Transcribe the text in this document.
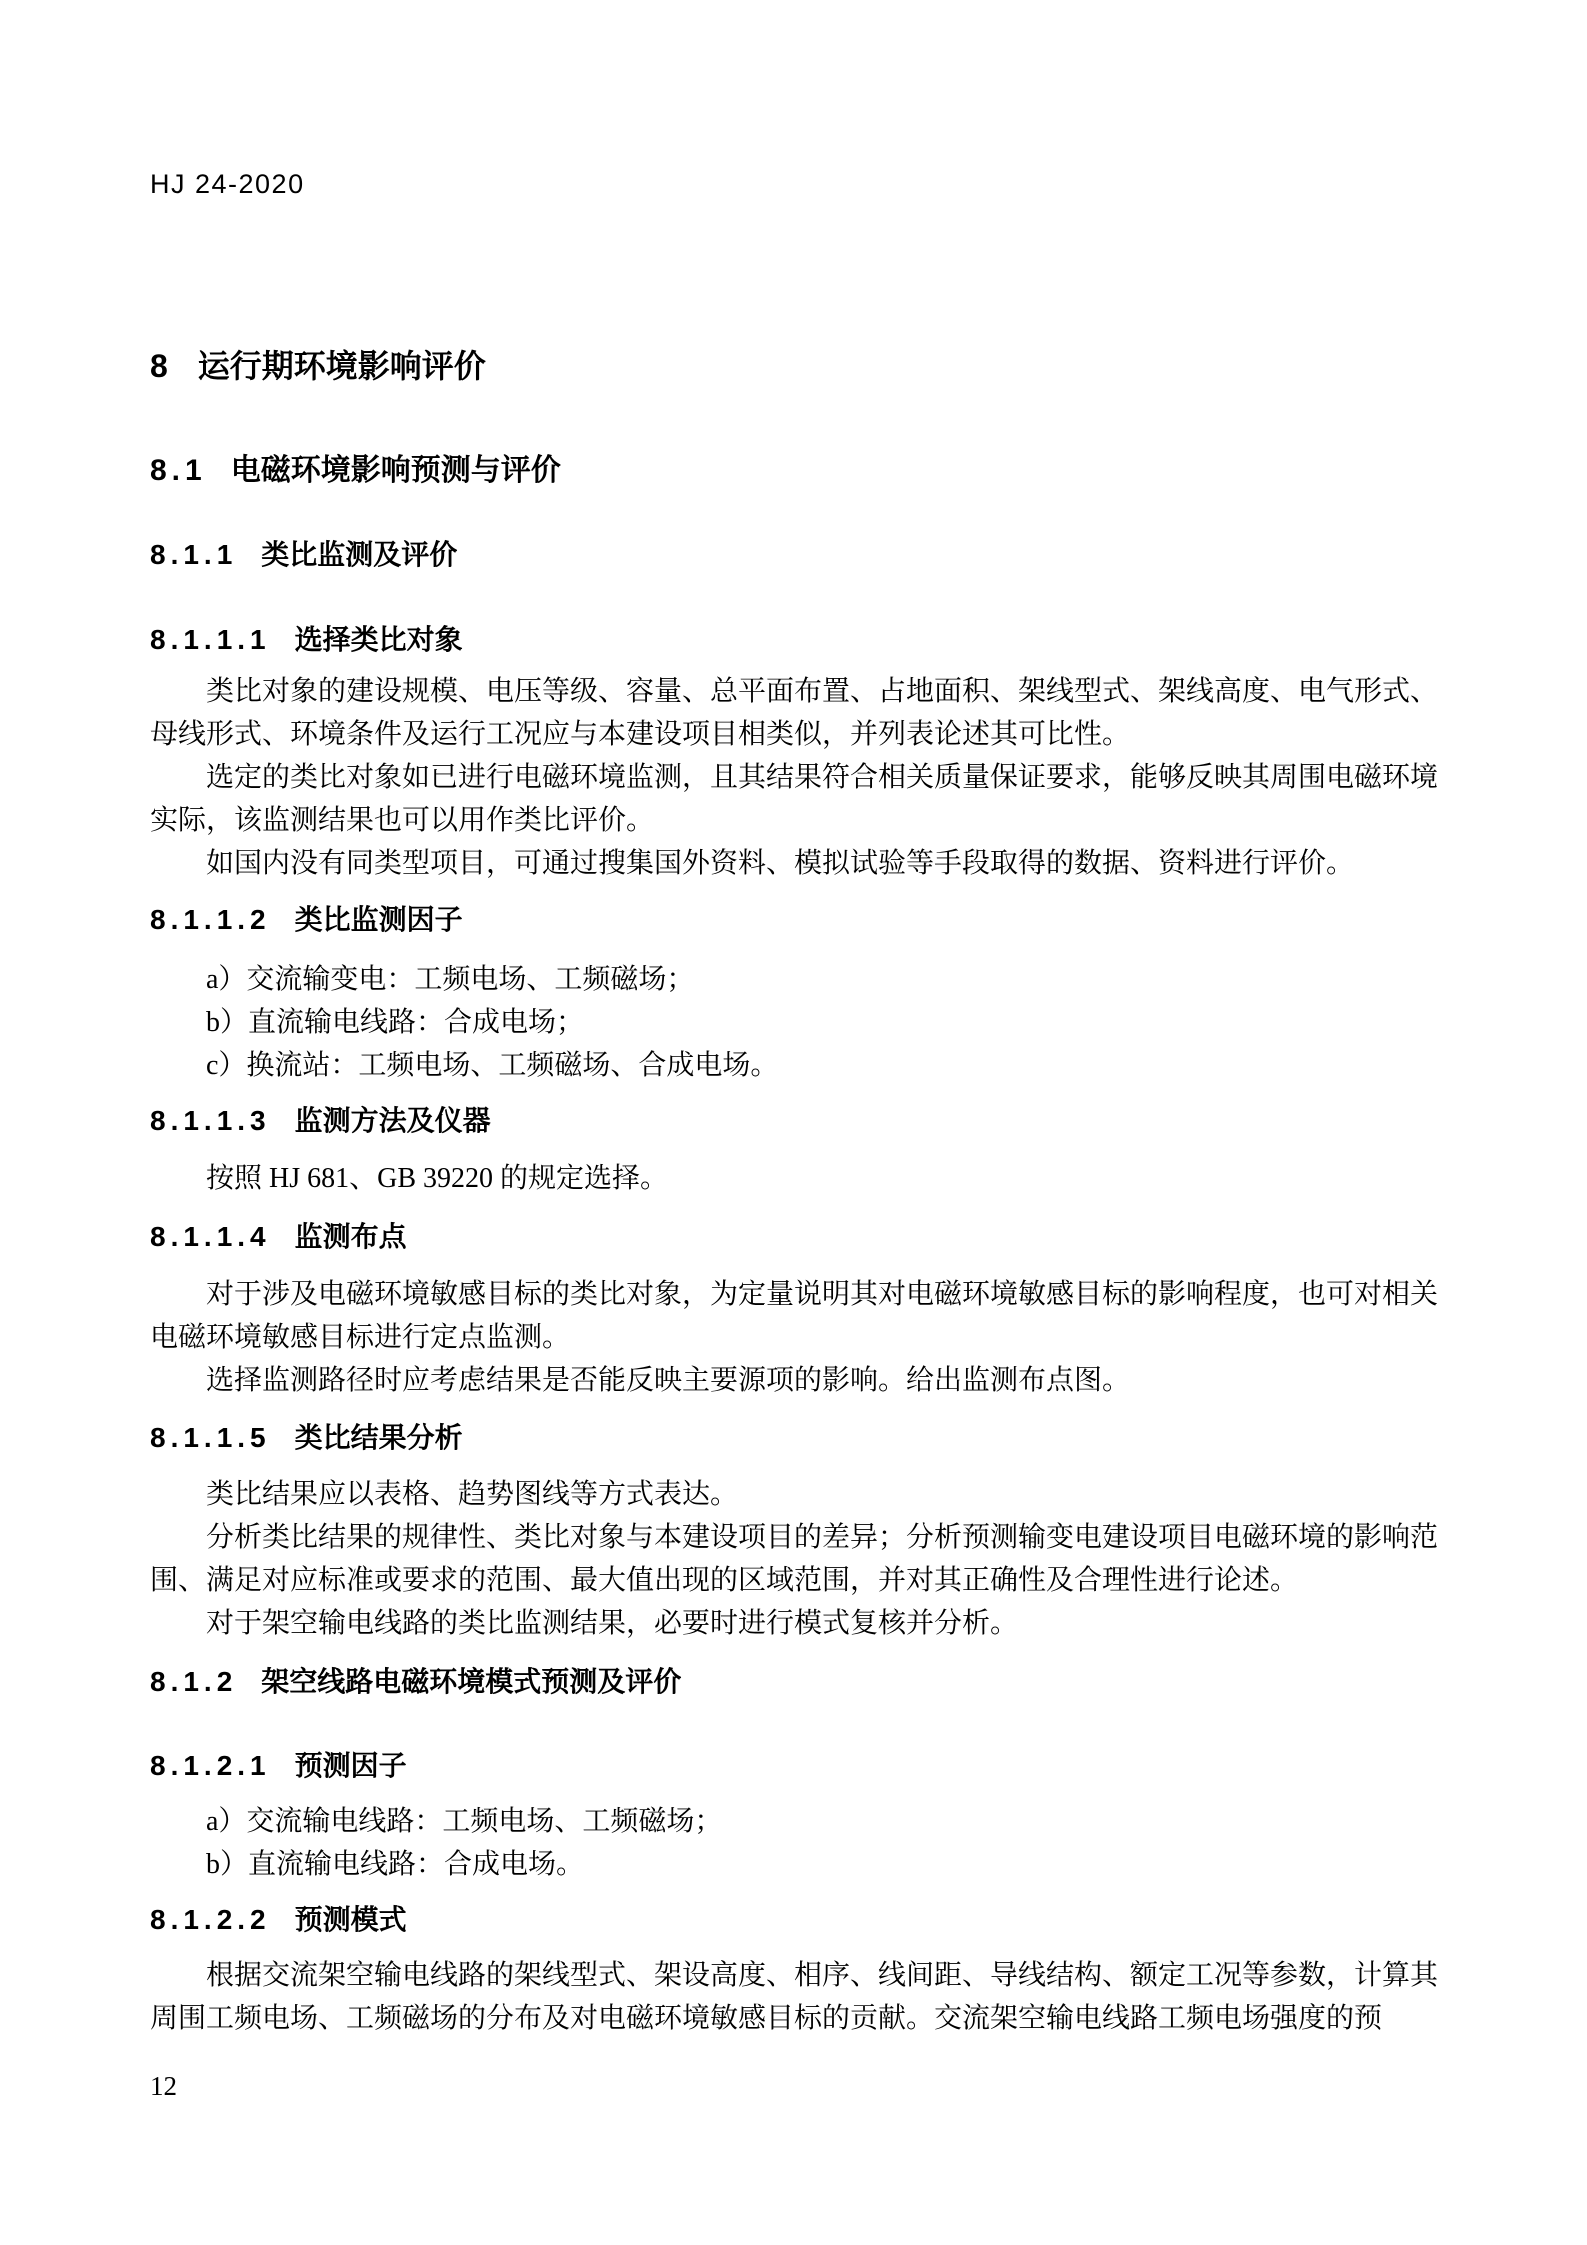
HJ 24-2020
8 运行期环境影响评价
8.1 电磁环境影响预测与评价
8.1.1 类比监测及评价
8.1.1.1 选择类比对象

类比对象的建设规模、电压等级、容量、总平面布置、占地面积、架线型式、架线高度、电气形式、母线形式、环境条件及运行工况应与本建设项目相类似，并列表论述其可比性。

选定的类比对象如已进行电磁环境监测，且其结果符合相关质量保证要求，能够反映其周围电磁环境实际，该监测结果也可以用作类比评价。

如国内没有同类型项目，可通过搜集国外资料、模拟试验等手段取得的数据、资料进行评价。

8.1.1.2 类比监测因子
a）交流输变电：工频电场、工频磁场；
b）直流输电线路：合成电场；
c）换流站：工频电场、工频磁场、合成电场。
8.1.1.3 监测方法及仪器

按照 HJ 681、GB 39220 的规定选择。

8.1.1.4 监测布点

对于涉及电磁环境敏感目标的类比对象，为定量说明其对电磁环境敏感目标的影响程度，也可对相关电磁环境敏感目标进行定点监测。

选择监测路径时应考虑结果是否能反映主要源项的影响。给出监测布点图。

8.1.1.5 类比结果分析

类比结果应以表格、趋势图线等方式表达。

分析类比结果的规律性、类比对象与本建设项目的差异；分析预测输变电建设项目电磁环境的影响范围、满足对应标准或要求的范围、最大值出现的区域范围，并对其正确性及合理性进行论述。

对于架空输电线路的类比监测结果，必要时进行模式复核并分析。

8.1.2 架空线路电磁环境模式预测及评价
8.1.2.1 预测因子
a）交流输电线路：工频电场、工频磁场；
b）直流输电线路：合成电场。
8.1.2.2 预测模式

根据交流架空输电线路的架线型式、架设高度、相序、线间距、导线结构、额定工况等参数，计算其周围工频电场、工频磁场的分布及对电磁环境敏感目标的贡献。交流架空输电线路工频电场强度的预

12
